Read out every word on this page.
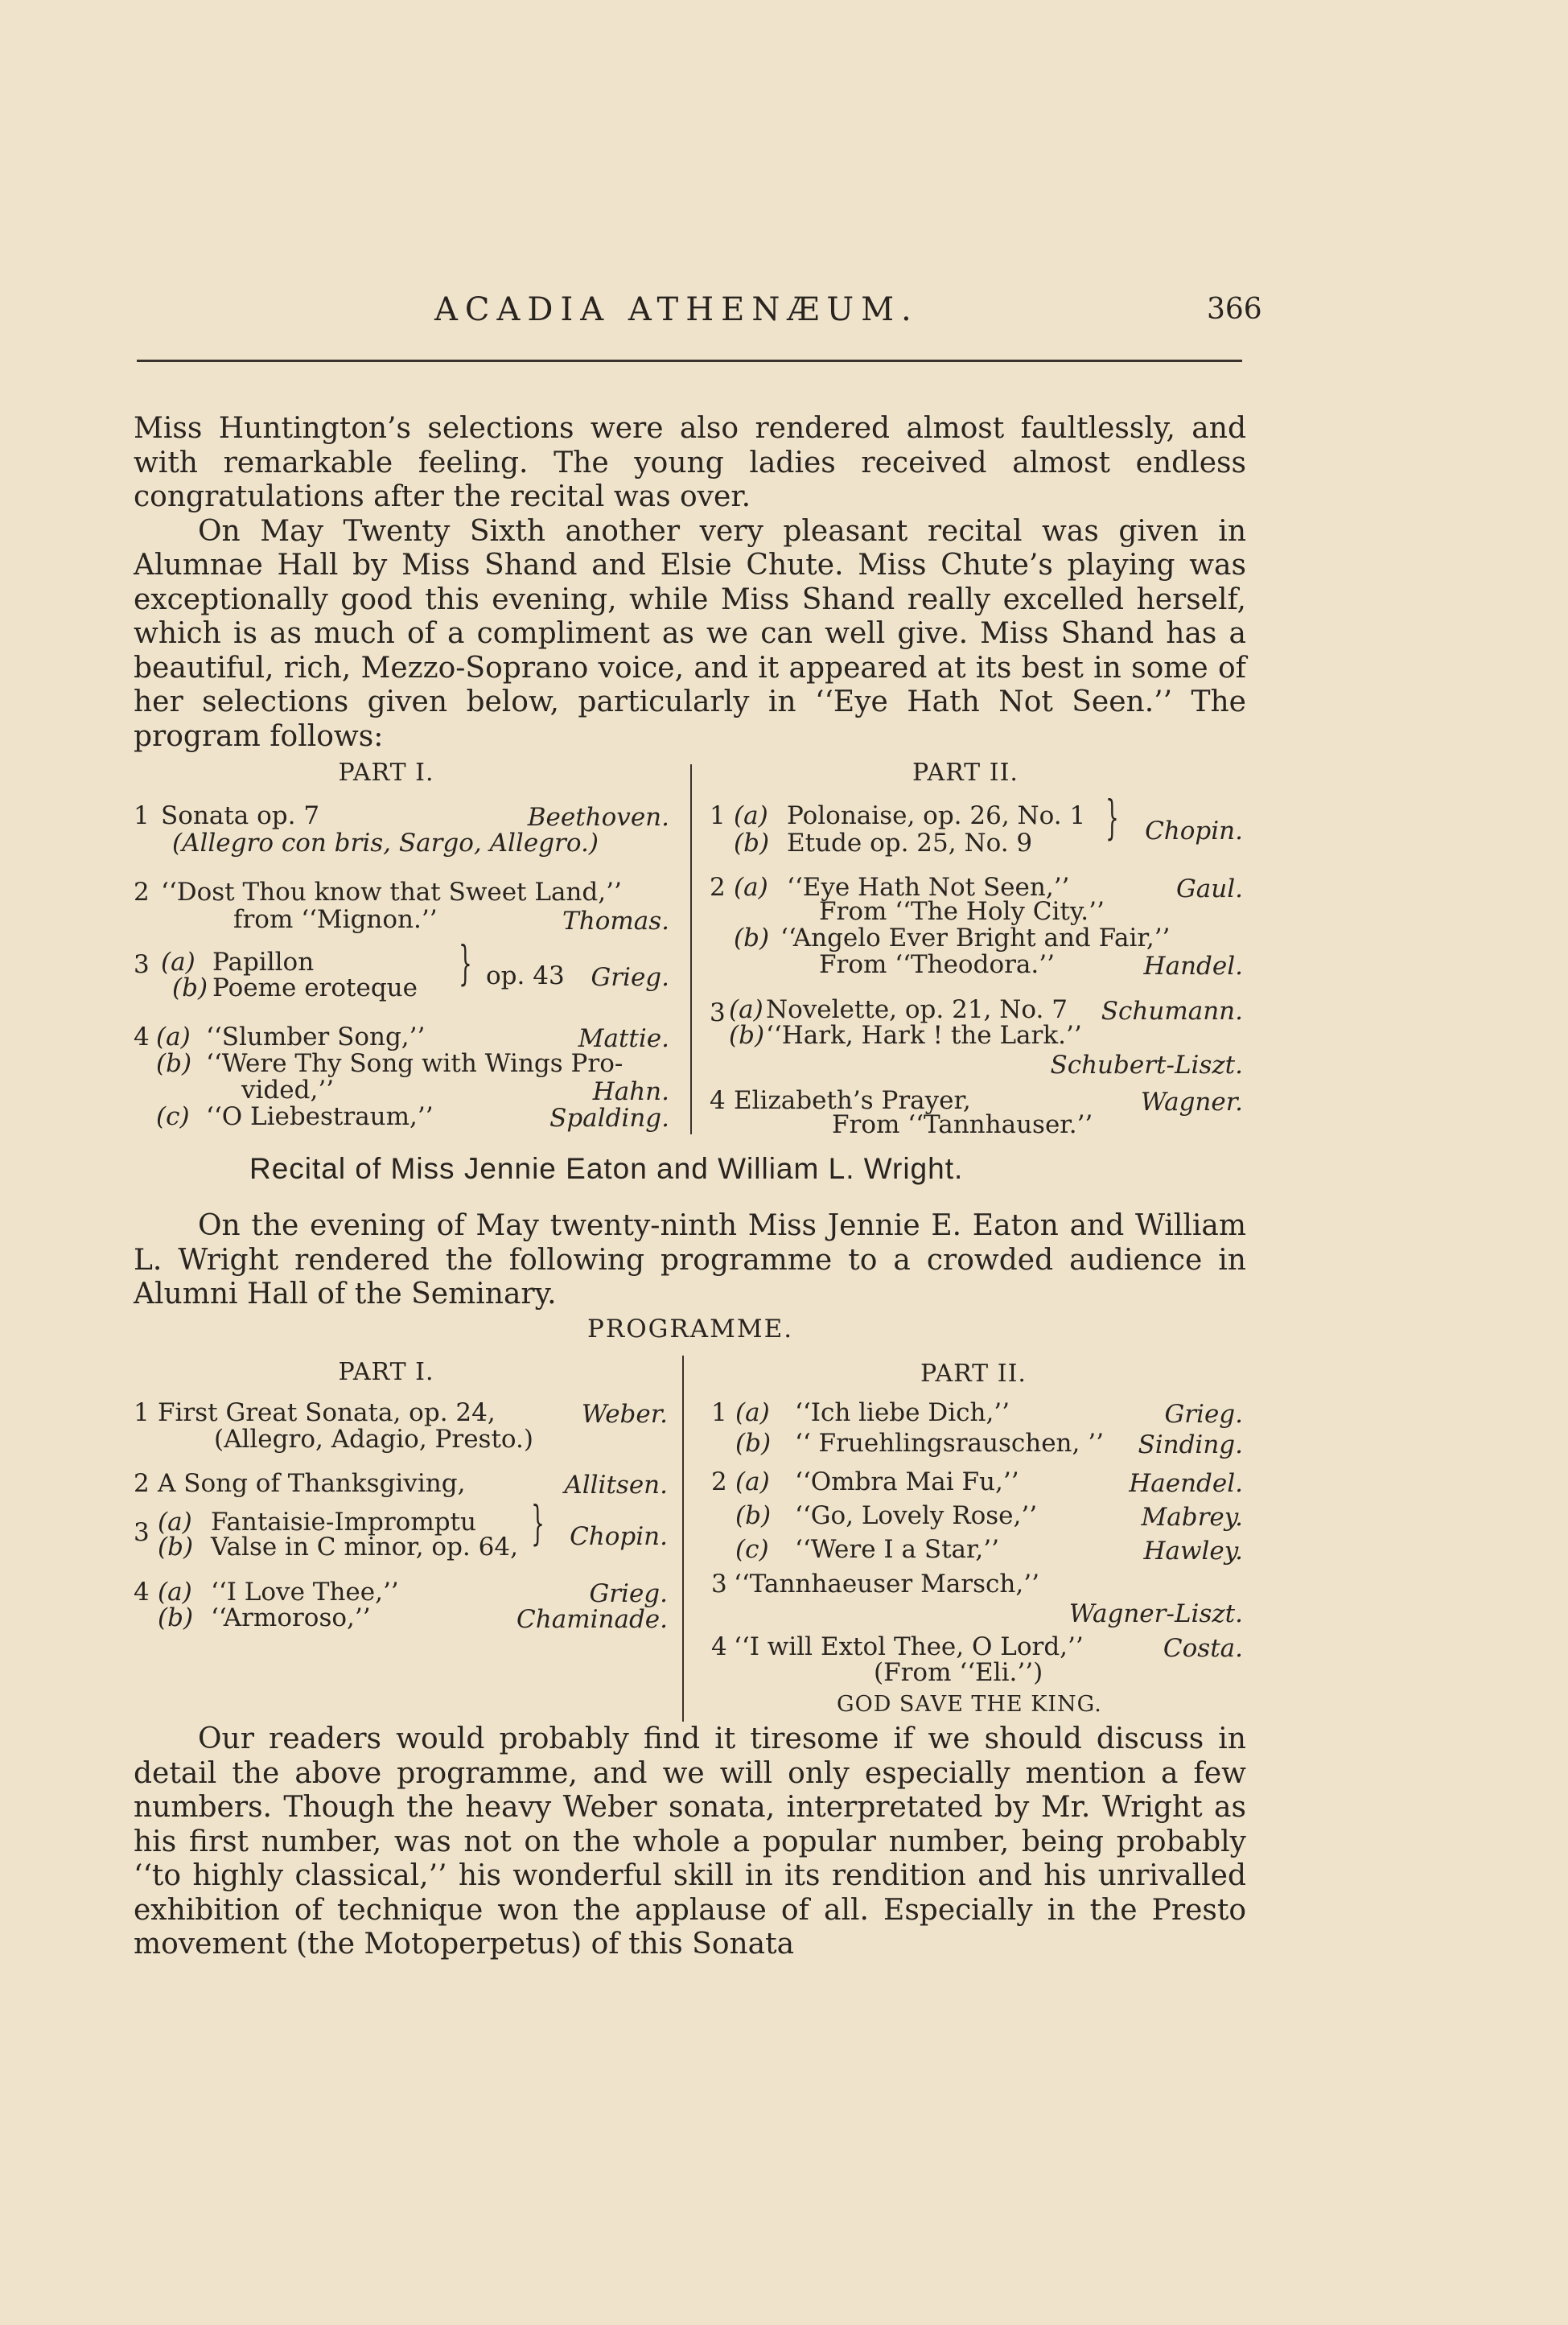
ACADIA ATHENÆUM.	366

Miss Huntington’s selections were also rendered almost faultlessly, and with remarkable feeling. The young ladies received almost endless congratulations after the recital was over.

On May Twenty Sixth another very pleasant recital was given in Alumnae Hall by Miss Shand and Elsie Chute. Miss Chute’s playing was exceptionally good this evening, while Miss Shand really excelled herself, which is as much of a compliment as we can well give. Miss Shand has a beautiful, rich, Mezzo-Soprano voice, and it appeared at its best in some of her selections given below, particularly in ‘‘Eye Hath Not Seen.’’ The program follows:

PART I.	PART II.
1 Sonata op. 7	Beethoven.
(Allegro con bris, Sargo, Allegro.)
2 ‘‘Dost Thou know that Sweet Land,’’
from ‘‘Mignon.’’	Thomas.
3 (a) Papillon
(b) Poeme eroteque } op. 43	Grieg.
4 (a) ‘‘Slumber Song,’’	Mattie.
(b) ‘‘Were Thy Song with Wings Pro-
vided,’’	Hahn.
(c) ‘‘O Liebestraum,’’	Spalding.
1 (a) Polonaise, op. 26, No. 1
(b) Etude op. 25, No. 9 }	Chopin.
2 (a) ‘‘Eye Hath Not Seen,’’	Gaul.
From ‘‘The Holy City.’’
(b) ‘‘Angelo Ever Bright and Fair,’’
From ‘‘Theodora.’’	Handel.
3 (a) Novelette, op. 21, No. 7	Schumann.
(b) ‘‘Hark, Hark ! the Lark.’’
Schubert-Liszt.
4 Elizabeth’s Prayer,	Wagner.
From ‘‘Tannhauser.’’
Recital of Miss Jennie Eaton and William L. Wright.

On the evening of May twenty-ninth Miss Jennie E. Eaton and William L. Wright rendered the following programme to a crowded audience in Alumni Hall of the Seminary.

PROGRAMME.
PART I.	PART II.
1 First Great Sonata, op. 24,	Weber.
(Allegro, Adagio, Presto.)
2 A Song of Thanksgiving,	Allitsen.
3 (a) Fantaisie-Impromptu
(b) Valse in C minor, op. 64, }	Chopin.
4 (a) ‘‘I Love Thee,’’	Grieg.
(b) ‘‘Armoroso,’’	Chaminade.
1 (a) ‘‘Ich liebe Dich,’’	Grieg.
(b) ‘‘ Fruehlingsrauschen, ’’	Sinding.
2 (a) ‘‘Ombra Mai Fu,’’	Haendel.
(b) ‘‘Go, Lovely Rose,’’	Mabrey.
(c) ‘‘Were I a Star,’’	Hawley.
3 ‘‘Tannhaeuser Marsch,’’
Wagner-Liszt.
4 ‘‘I will Extol Thee, O Lord,’’	Costa.
(From ‘‘Eli.’’)
GOD SAVE THE KING.

Our readers would probably find it tiresome if we should discuss in detail the above programme, and we will only especially mention a few numbers. Though the heavy Weber sonata, interpretated by Mr. Wright as his first number, was not on the whole a popular number, being probably ‘‘to highly classical,’’ his wonderful skill in its rendition and his unrivalled exhibition of technique won the applause of all. Especially in the Presto movement (the Motoperpetus) of this Sonata
